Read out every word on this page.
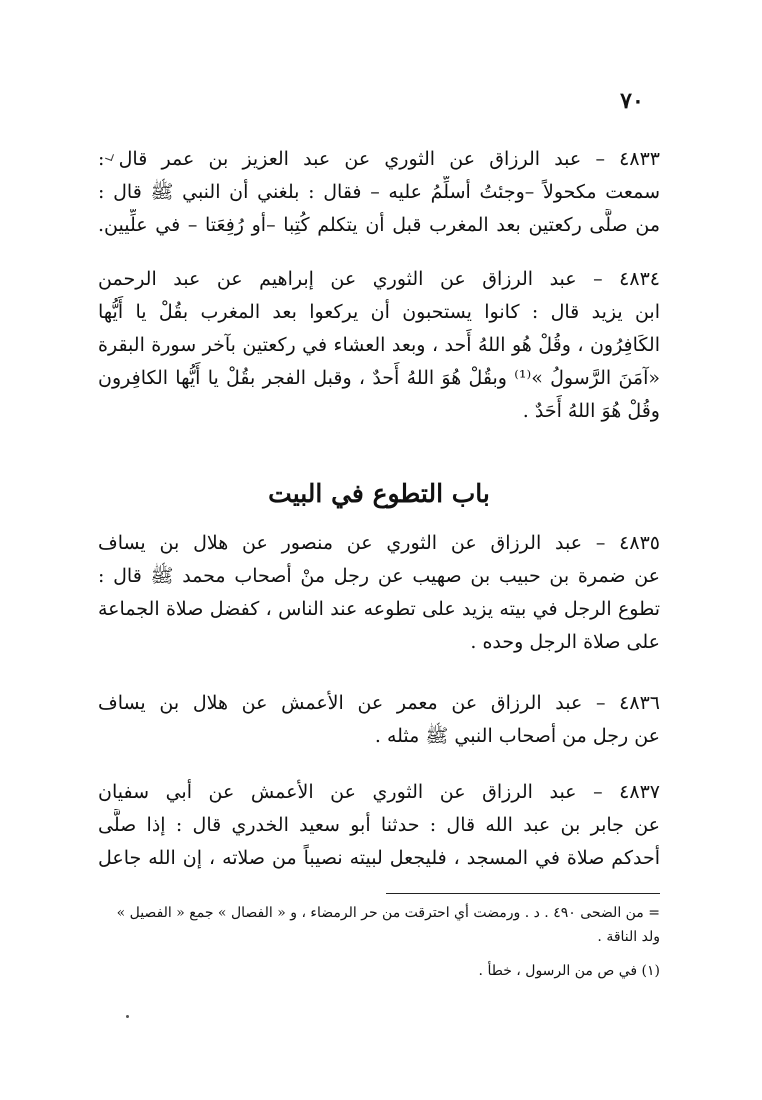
٧٠
٤٨٣٣ – عبد الرزاق عن الثوري عن عبد العزيز بن عمر قال :
سمعت مكحولاً –وجئتُ أسلِّمُ عليه – فقال : بلغني أن النبي ﷺ قال :
من صلَّى ركعتين بعد المغرب قبل أن يتكلم كُتِبا –أو رُفِعَتا – في علِّيين.
٤٨٣٤ – عبد الرزاق عن الثوري عن إبراهيم عن عبد الرحمن
ابن يزيد قال : كانوا يستحبون أن يركعوا بعد المغرب بقُلْ يا أَيُّها
الكَافِرُون ، وقُلْ هُو اللهُ أَحد ، وبعد العشاء في ركعتين بآخر سورة البقرة
«آمَنَ الرَّسولُ »⁽¹⁾ وبقُلْ هُوَ اللهُ أَحدٌ ، وقبل الفجر بقُلْ يا أَيُّها الكافِرون
وقُلْ هُوَ اللهُ أَحَدٌ .
باب التطوع في البيت
٤٨٣٥ – عبد الرزاق عن الثوري عن منصور عن هلال بن يساف
عن ضمرة بن حبيب بن صهيب عن رجل منْ أصحاب محمد ﷺ قال :
تطوع الرجل في بيته يزيد على تطوعه عند الناس ، كفضل صلاة الجماعة
على صلاة الرجل وحده .
٤٨٣٦ – عبد الرزاق عن معمر عن الأعمش عن هلال بن يساف
عن رجل من أصحاب النبي ﷺ مثله .
٤٨٣٧ – عبد الرزاق عن الثوري عن الأعمش عن أبي سفيان
عن جابر بن عبد الله قال : حدثنا أبو سعيد الخدري قال : إذا صلَّى
أحدكم صلاة في المسجد ، فليجعل لبيته نصيباً من صلاته ، إن الله جاعل
= من الضحى ٤٩٠ . د . ورمضت أي احترقت من حر الرمضاء ، و « الفصال » جمع « الفصيل »
ولد الناقة .
(١) في ص من الرسول ، خطأ .
